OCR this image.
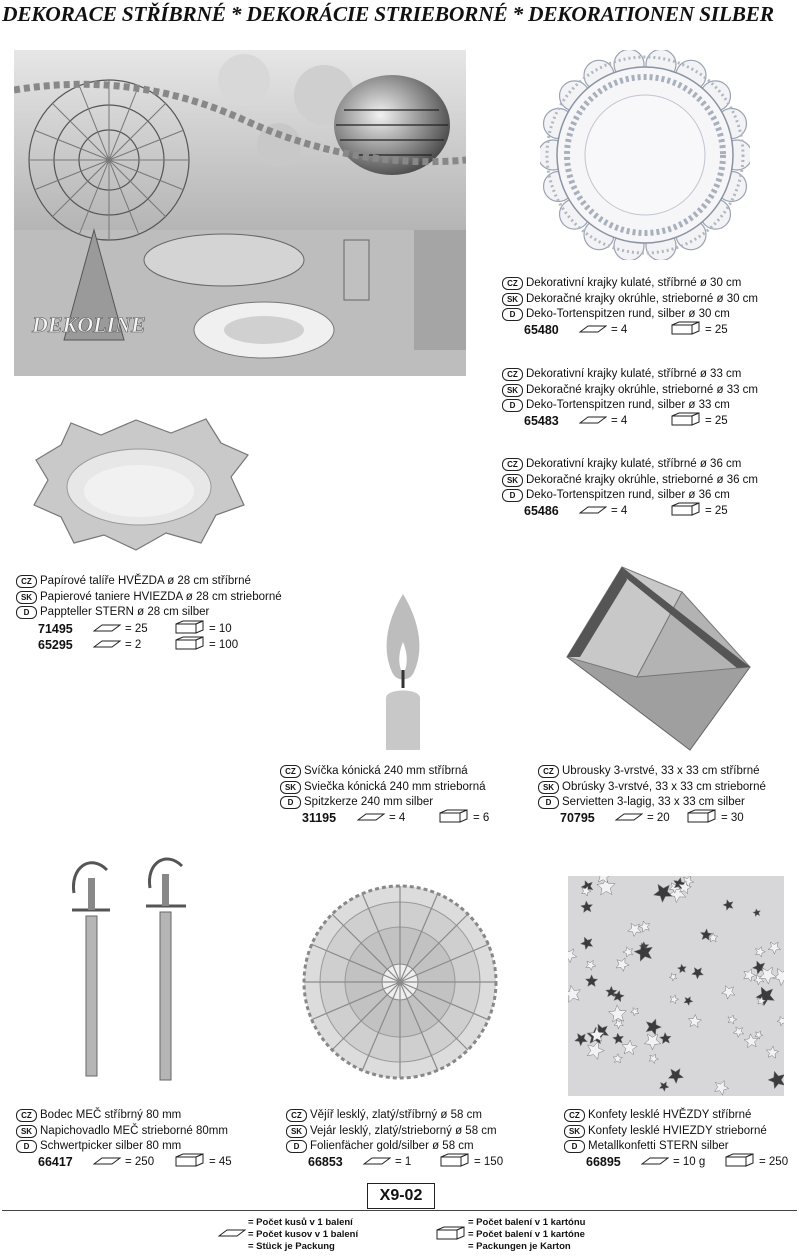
DEKORACE STŘÍBRNÉ * DEKORÁCIE STRIEBORNÉ * DEKORATIONEN SILBER
DEKOLINE
CZ Dekorativní krajky kulaté, stříbrné ø 30 cm
SK Dekoračné krajky okrúhle, strieborné ø 30 cm
D Deko-Tortenspitzen rund, silber ø 30 cm
65480	= 4	= 25
CZ Dekorativní krajky kulaté, stříbrné ø 33 cm
SK Dekoračné krajky okrúhle, strieborné ø 33 cm
D Deko-Tortenspitzen rund, silber ø 33 cm
65483	= 4	= 25
CZ Dekorativní krajky kulaté, stříbrné ø 36 cm
SK Dekoračné krajky okrúhle, strieborné ø 36 cm
D Deko-Tortenspitzen rund, silber ø 36 cm
65486	= 4	= 25
CZ Papírové talíře HVĚZDA ø 28 cm stříbrné
SK Papierové taniere HVIEZDA ø 28 cm strieborné
D Pappteller STERN ø 28 cm silber
71495	= 25	= 10
65295	= 2	= 100
CZ Svíčka kónická 240 mm stříbrná
SK Sviečka kónická 240 mm strieborná
D Spitzkerze 240 mm silber
31195	= 4	= 6
CZ Ubrousky 3-vrstvé, 33 x 33 cm stříbrné
SK Obrúsky 3-vrstvé, 33 x 33 cm strieborné
D Servietten 3-lagig, 33 x 33 cm silber
70795	= 20	= 30
CZ Bodec MEČ stříbrný 80 mm
SK Napichovadlo MEČ strieborné 80mm
D Schwertpicker silber 80 mm
66417	= 250	= 45
CZ Vějíř lesklý, zlatý/stříbrný ø 58 cm
SK Vejár lesklý, zlatý/strieborný ø 58 cm
D Folienfächer gold/silber ø 58 cm
66853	= 1	= 150
CZ Konfety lesklé HVĚZDY stříbrné
SK Konfety lesklé HVIEZDY strieborné
D Metallkonfetti STERN silber
66895	= 10 g	= 250
X9-02
= Počet kusů v 1 balení
= Počet kusov v 1 balení
= Stück je Packung
= Počet balení v 1 kartónu
= Počet balení v 1 kartóne
= Packungen je Karton
